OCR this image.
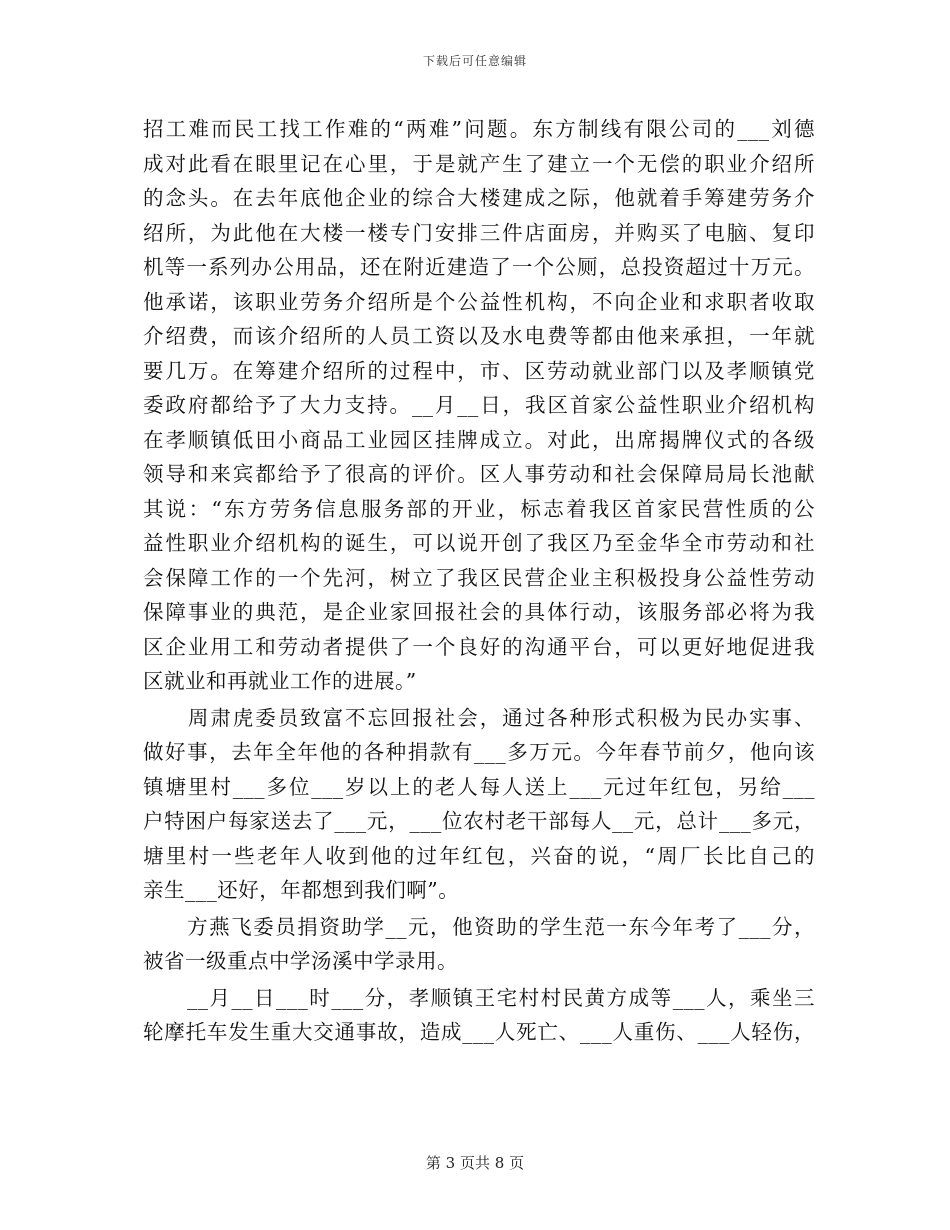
下载后可任意编辑
招工难而民工找工作难的“两难”问题。东方制线有限公司的___刘德
成对此看在眼里记在心里，于是就产生了建立一个无偿的职业介绍所
的念头。在去年底他企业的综合大楼建成之际，他就着手筹建劳务介
绍所，为此他在大楼一楼专门安排三件店面房，并购买了电脑、复印
机等一系列办公用品，还在附近建造了一个公厕，总投资超过十万元。
他承诺，该职业劳务介绍所是个公益性机构，不向企业和求职者收取
介绍费，而该介绍所的人员工资以及水电费等都由他来承担，一年就
要几万。在筹建介绍所的过程中，市、区劳动就业部门以及孝顺镇党
委政府都给予了大力支持。__月__日，我区首家公益性职业介绍机构
在孝顺镇低田小商品工业园区挂牌成立。对此，出席揭牌仪式的各级
领导和来宾都给予了很高的评价。区人事劳动和社会保障局局长池献
其说：“东方劳务信息服务部的开业，标志着我区首家民营性质的公
益性职业介绍机构的诞生，可以说开创了我区乃至金华全市劳动和社
会保障工作的一个先河，树立了我区民营企业主积极投身公益性劳动
保障事业的典范，是企业家回报社会的具体行动，该服务部必将为我
区企业用工和劳动者提供了一个良好的沟通平台，可以更好地促进我
区就业和再就业工作的进展。”
　　周肃虎委员致富不忘回报社会，通过各种形式积极为民办实事、
做好事，去年全年他的各种捐款有___多万元。今年春节前夕，他向该
镇塘里村___多位___岁以上的老人每人送上___元过年红包，另给___
户特困户每家送去了___元，___位农村老干部每人__元，总计___多元，
塘里村一些老年人收到他的过年红包，兴奋的说，“周厂长比自己的
亲生___还好，年都想到我们啊”。
　　方燕飞委员捐资助学__元，他资助的学生范一东今年考了___分，
被省一级重点中学汤溪中学录用。
　　__月__日___时___分，孝顺镇王宅村村民黄方成等___人，乘坐三
轮摩托车发生重大交通事故，造成___人死亡、___人重伤、___人轻伤，
第 3 页共 8 页
